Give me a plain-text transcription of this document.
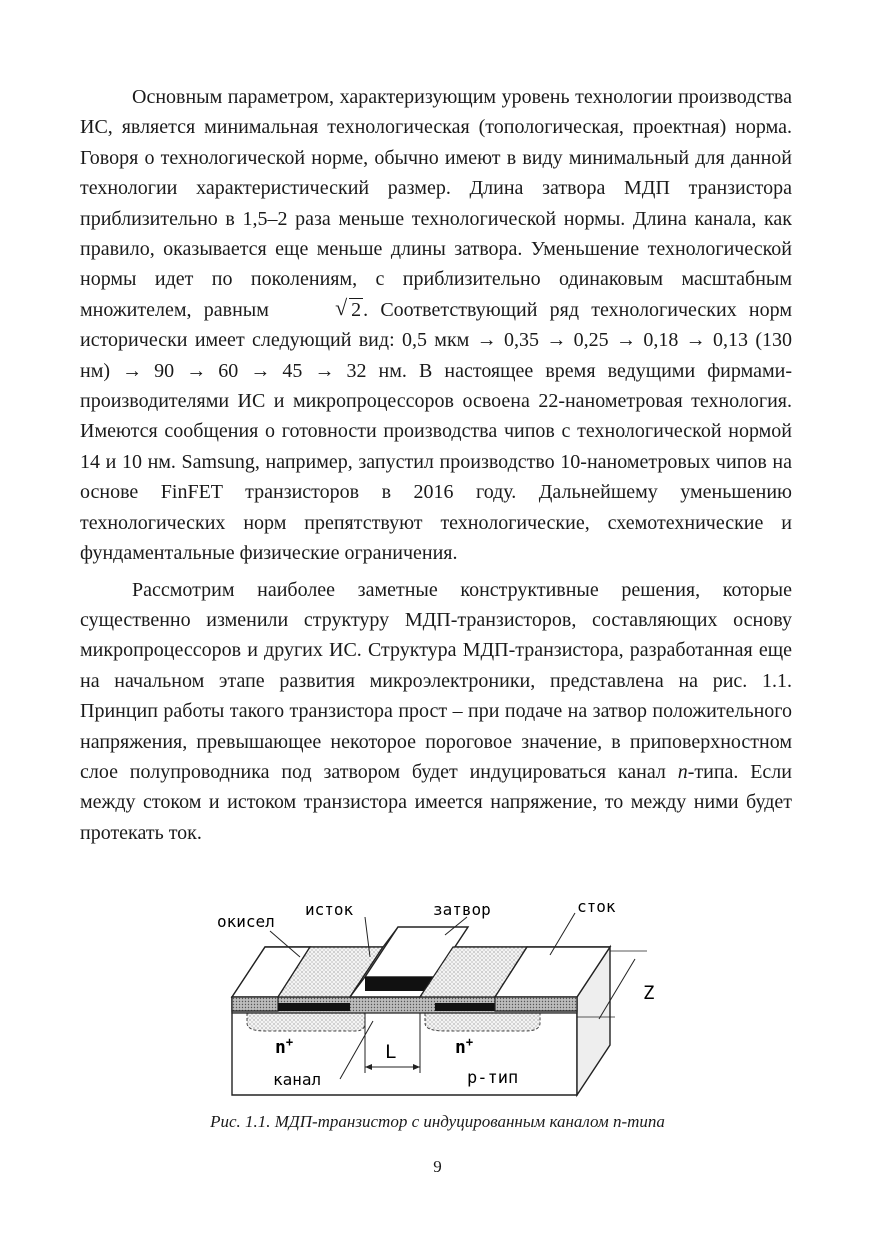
Основным параметром, характеризующим уровень технологии производства ИС, является минимальная технологическая (топологическая, проектная) норма. Говоря о технологической норме, обычно имеют в виду минимальный для данной технологии характеристический размер. Длина затвора МДП транзистора приблизительно в 1,5–2 раза меньше технологической нормы. Длина канала, как правило, оказывается еще меньше длины затвора. Уменьшение технологической нормы идет по поколениям, с приблизительно одинаковым масштабным множителем, равным	√ 2 . Соответствующий ряд технологических норм исторически имеет следующий вид: 0,5 мкм → 0,35 → 0,25 → 0,18 → 0,13 (130 нм) → 90 → 60 → 45 → 32 нм. В настоящее время ведущими фирмами-производителями ИС и микропроцессоров освоена 22-нанометровая технология. Имеются сообщения о готовности производства чипов с технологической нормой 14 и 10 нм. Samsung, например, запустил производство 10-нанометровых чипов на основе FinFET транзисторов в 2016 году. Дальнейшему уменьшению технологических норм препятствуют технологические, схемотехнические и фундаментальные физические ограничения.

Рассмотрим наиболее заметные конструктивные решения, которые существенно изменили структуру МДП-транзисторов, составляющих основу микропроцессоров и других ИС. Структура МДП-транзистора, разработанная еще на начальном этапе развития микроэлектроники, представлена на рис. 1.1. Принцип работы такого транзистора прост – при подаче на затвор положительного напряжения, превышающее некоторое пороговое значение, в приповерхностном слое полупроводника под затвором будет индуцироваться канал n-типа. Если между стоком и истоком транзистора имеется напряжение, то между ними будет протекать ток.

окисел
исток	затвор	сток
Z
n+	n+
L
канал	р-тип
Рис. 1.1. МДП-транзистор с индуцированным каналом n-типа
9
